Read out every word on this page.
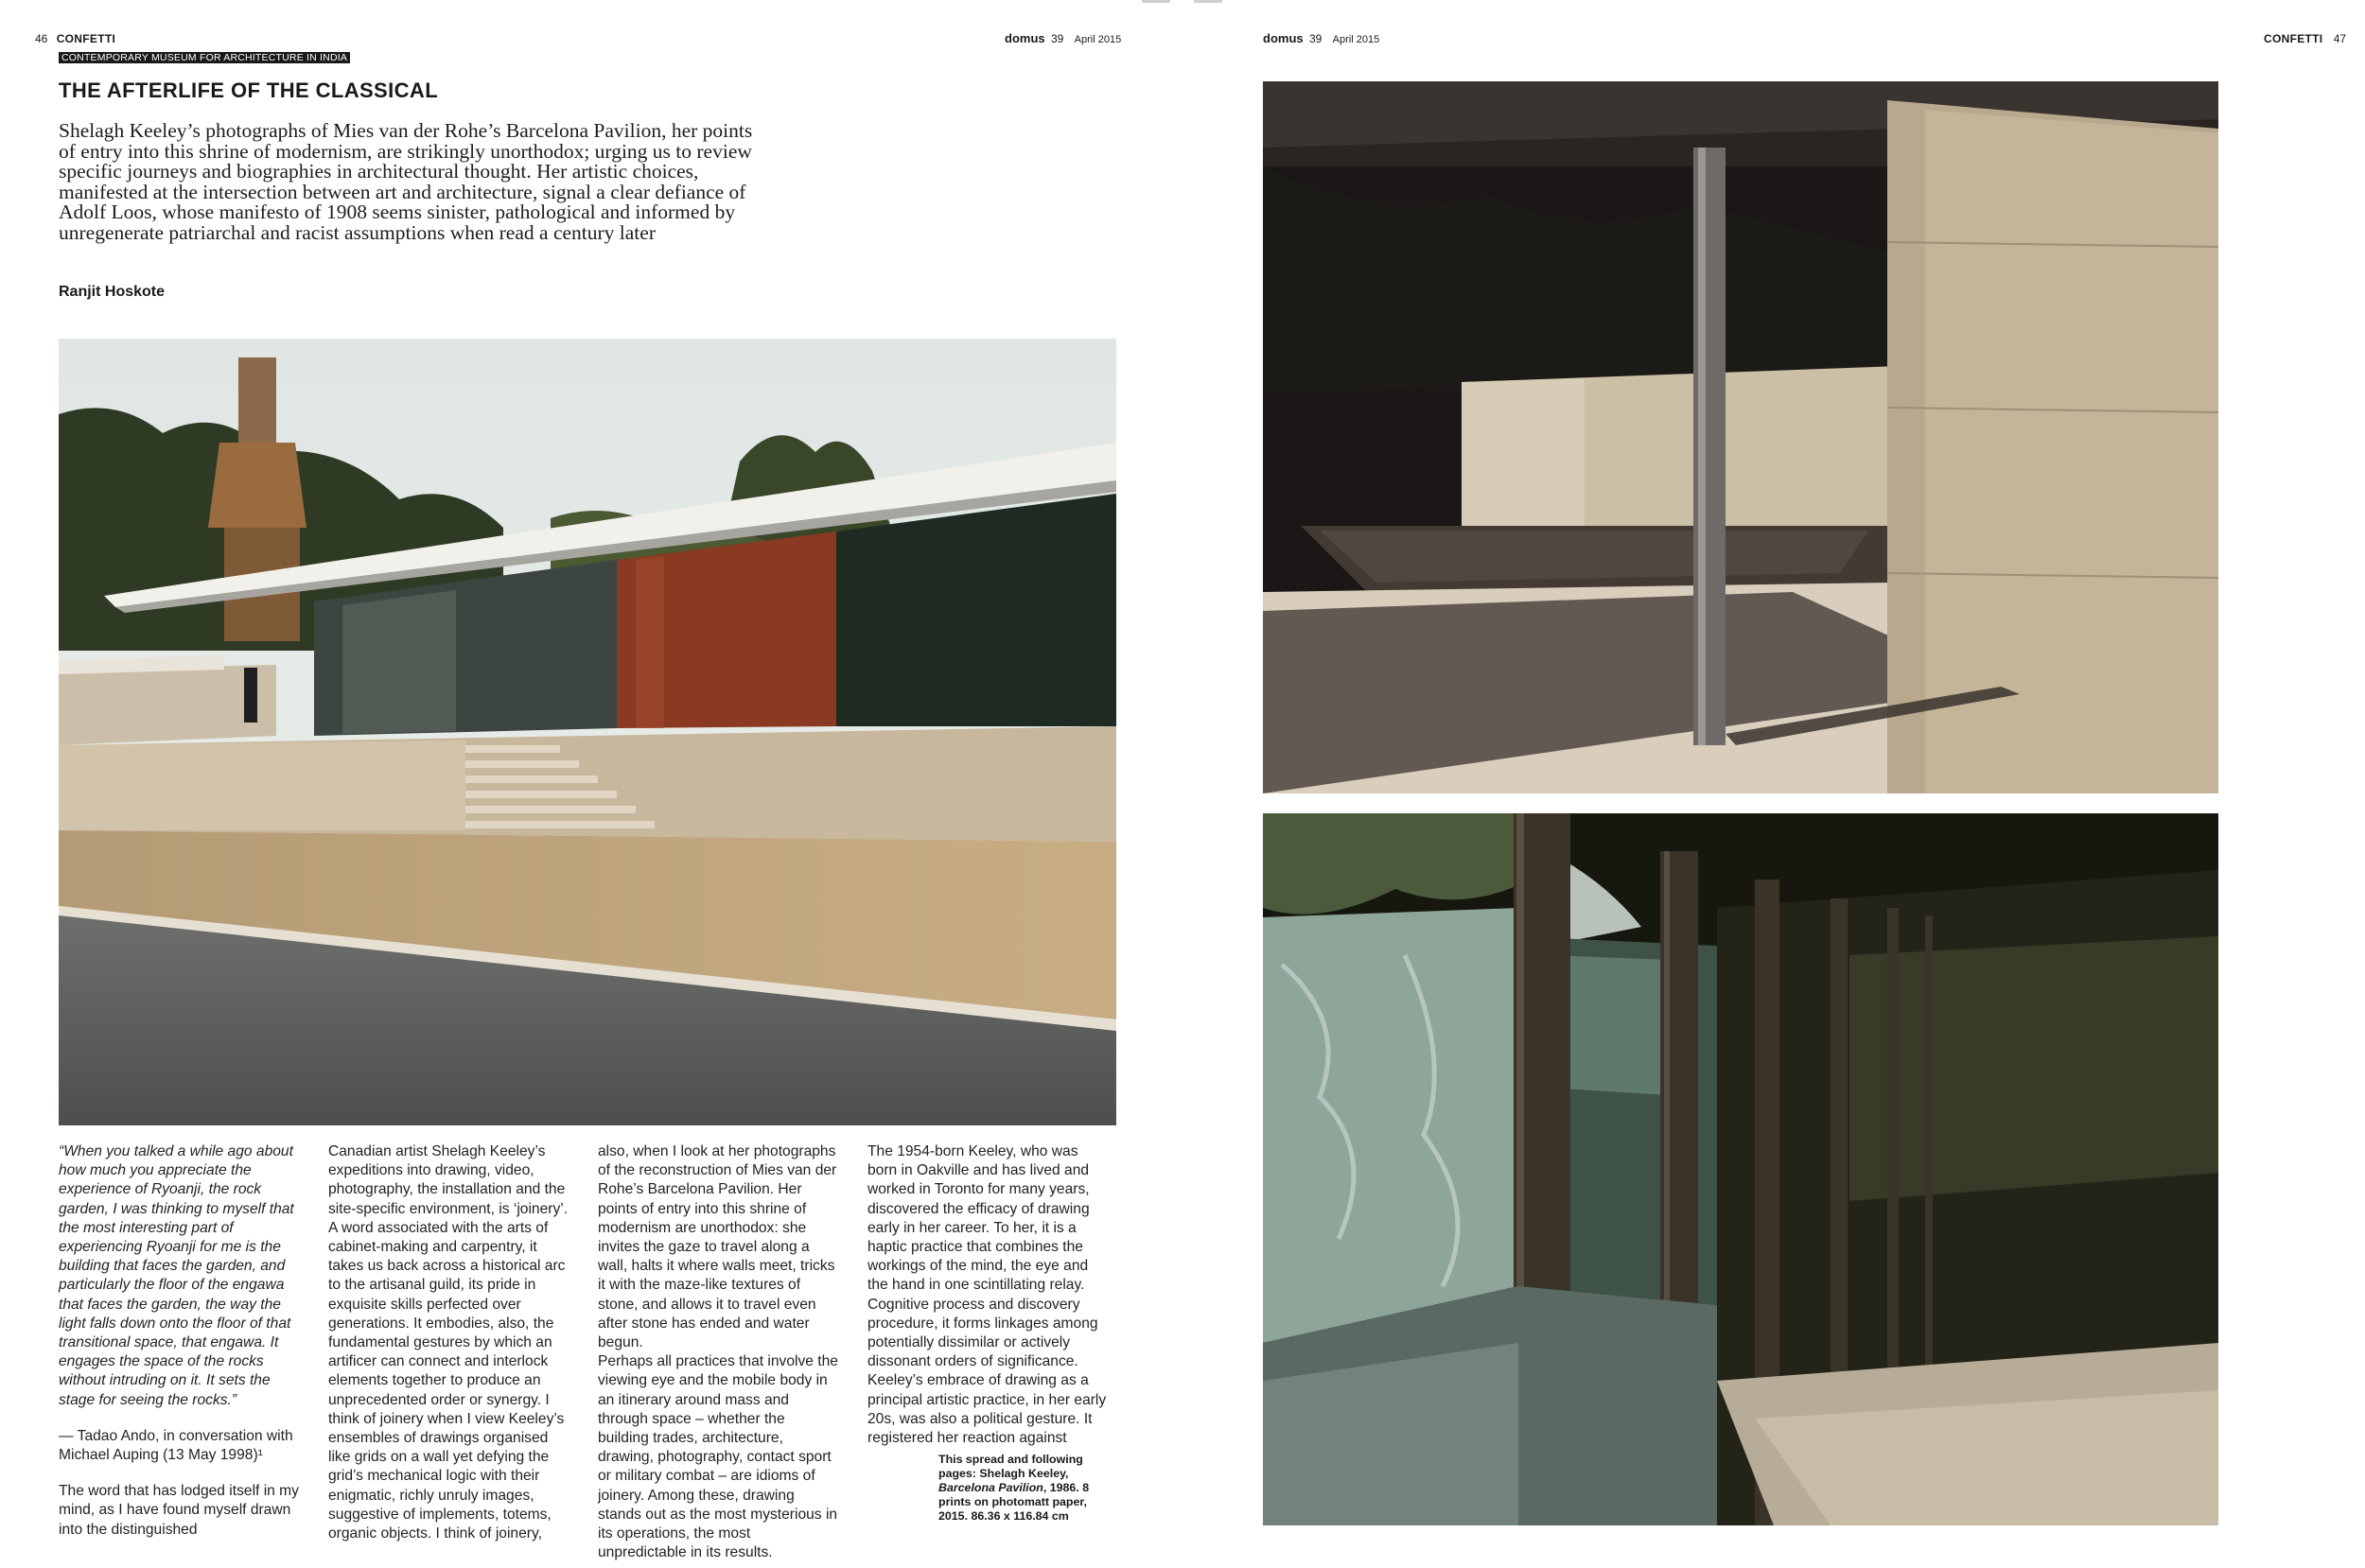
46 CONFETTI	domus 39 April 2015
CONTEMPORARY MUSEUM FOR ARCHITECTURE IN INDIA
THE AFTERLIFE OF THE CLASSICAL

Shelagh Keeley’s photographs of Mies van der Rohe’s Barcelona Pavilion, her points of entry into this shrine of modernism, are strikingly unorthodox; urging us to review specific journeys and biographies in architectural thought. Her artistic choices, manifested at the intersection between art and architecture, signal a clear defiance of Adolf Loos, whose manifesto of 1908 seems sinister, pathological and informed by unregenerate patriarchal and racist assumptions when read a century later

Ranjit Hoskote

“When you talked a while ago about how much you appreciate the experience of Ryoanji, the rock garden, I was thinking to myself that the most interesting part of experiencing Ryoanji for me is the building that faces the garden, and particularly the floor of the engawa that faces the garden, the way the light falls down onto the floor of that transitional space, that engawa. It engages the space of the rocks without intruding on it. It sets the stage for seeing the rocks.”

— Tadao Ando, in conversation with Michael Auping (13 May 1998)¹

The word that has lodged itself in my mind, as I have found myself drawn into the distinguished

Canadian artist Shelagh Keeley’s expeditions into drawing, video, photography, the installation and the site-specific environment, is ‘joinery’. A word associated with the arts of cabinet-making and carpentry, it takes us back across a historical arc to the artisanal guild, its pride in exquisite skills perfected over generations. It embodies, also, the fundamental gestures by which an artificer can connect and interlock elements together to produce an unprecedented order or synergy. I think of joinery when I view Keeley’s ensembles of drawings organised like grids on a wall yet defying the grid’s mechanical logic with their enigmatic, richly unruly images, suggestive of implements, totems, organic objects. I think of joinery,

also, when I look at her photographs of the reconstruction of Mies van der Rohe’s Barcelona Pavilion. Her points of entry into this shrine of modernism are unorthodox: she invites the gaze to travel along a wall, halts it where walls meet, tricks it with the maze-like textures of stone, and allows it to travel even after stone has ended and water begun.

Perhaps all practices that involve the viewing eye and the mobile body in an itinerary around mass and through space – whether the building trades, architecture, drawing, photography, contact sport or military combat – are idioms of joinery. Among these, drawing stands out as the most mysterious in its operations, the most unpredictable in its results.

The 1954-born Keeley, who was born in Oakville and has lived and worked in Toronto for many years, discovered the efficacy of drawing early in her career. To her, it is a haptic practice that combines the workings of the mind, the eye and the hand in one scintillating relay. Cognitive process and discovery procedure, it forms linkages among potentially dissimilar or actively dissonant orders of significance. Keeley’s embrace of drawing as a principal artistic practice, in her early 20s, was also a political gesture. It registered her reaction against

This spread and following pages: Shelagh Keeley, Barcelona Pavilion, 1986. 8 prints on photomatt paper, 2015. 86.36 x 116.84 cm
domus 39 April 2015	CONFETTI 47
